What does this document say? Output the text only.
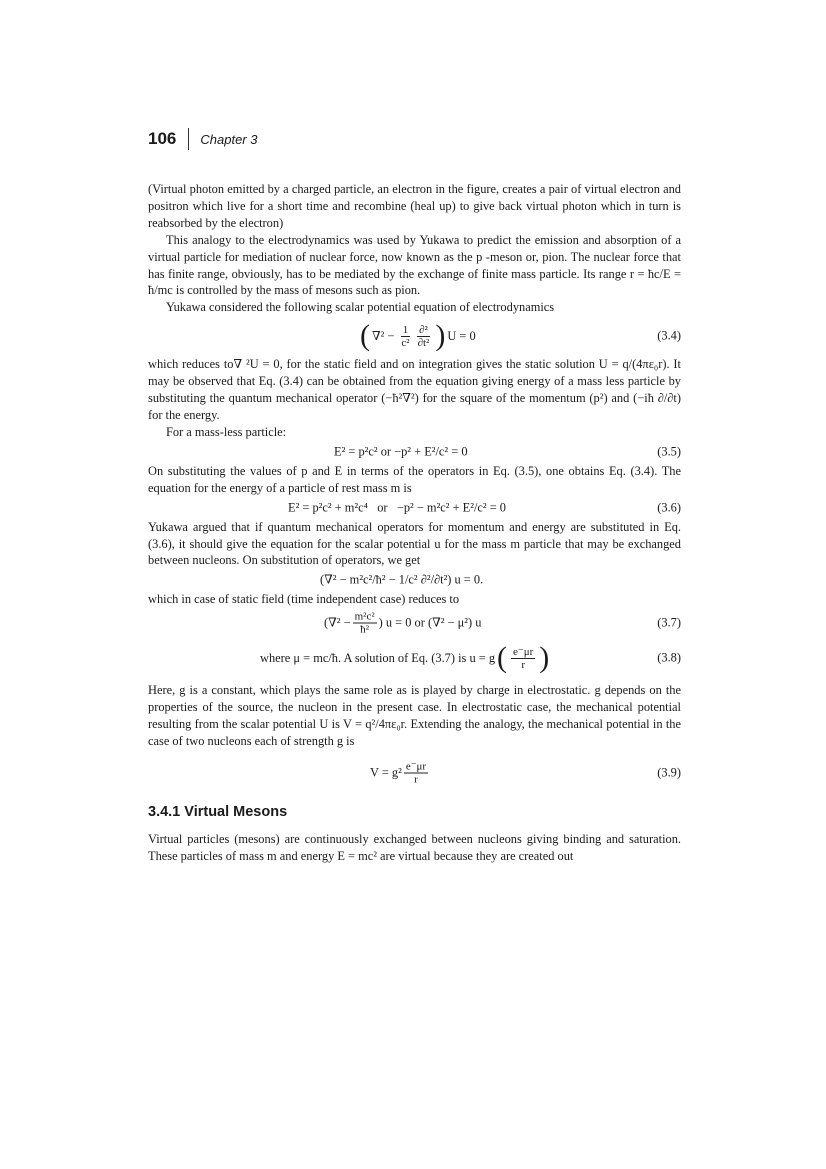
106 Chapter 3

(Virtual photon emitted by a charged particle, an electron in the figure, creates a pair of virtual electron and positron which live for a short time and recombine (heal up) to give back virtual photon which in turn is reabsorbed by the electron)

This analogy to the electrodynamics was used by Yukawa to predict the emission and absorption of a virtual particle for mediation of nuclear force, now known as the p -meson or, pion. The nuclear force that has finite range, obviously, has to be mediated by the exchange of finite mass particle. Its range r = ħc/E = ħ/mc is controlled by the mass of mesons such as pion.

Yukawa considered the following scalar potential equation of electrodynamics

( $\nabla^2 - \frac{1}{\text{c²}} \frac{\text{∂²}}{\text{∂t²}}$ ) U = 0	(3.4)

which reduces to∇ ²U = 0, for the static field and on integration gives the static solution U = q/(4πε₀r). It may be observed that Eq. (3.4) can be obtained from the equation giving energy of a mass less particle by substituting the quantum mechanical operator (−ħ²∇²) for the square of the momentum (p²) and (−iħ ∂/∂t) for the energy.

For a mass-less particle:

E² = p²c² or −p² + E²/c² = 0	(3.5)

On substituting the values of p and E in terms of the operators in Eq. (3.5), one obtains Eq. (3.4). The equation for the energy of a particle of rest mass m is

E² = p²c² + m²c⁴   or   −p² − m²c² + E²/c² = 0	(3.6)

Yukawa argued that if quantum mechanical operators for momentum and energy are substituted in Eq. (3.6), it should give the equation for the scalar potential u for the mass m particle that may be exchanged between nucleons. On substitution of operators, we get

(∇² − m²c²/ħ² − 1/c² ∂²/∂t²) u = 0.

which in case of static field (time independent case) reduces to

($\nabla^2 - \frac{\text{m²c²}}{\text{ħ²}}$ ) u = 0 or (∇² − μ²) u	(3.7)
where μ = mc/ħ. A solution of Eq. (3.7) is u = g ( $\frac{e^-\mu r}{r}$ )	(3.8)

Here, g is a constant, which plays the same role as is played by charge in electrostatic. g depends on the properties of the source, the nucleon in the present case. In electrostatic case, the mechanical potential resulting from the scalar potential U is V = q²/4πε₀r. Extending the analogy, the mechanical potential in the case of two nucleons each of strength g is

$V = g^2 \frac{e^-\mu r}{r}$	(3.9)
3.4.1 Virtual Mesons

Virtual particles (mesons) are continuously exchanged between nucleons giving binding and saturation. These particles of mass m and energy E = mc² are virtual because they are created out
